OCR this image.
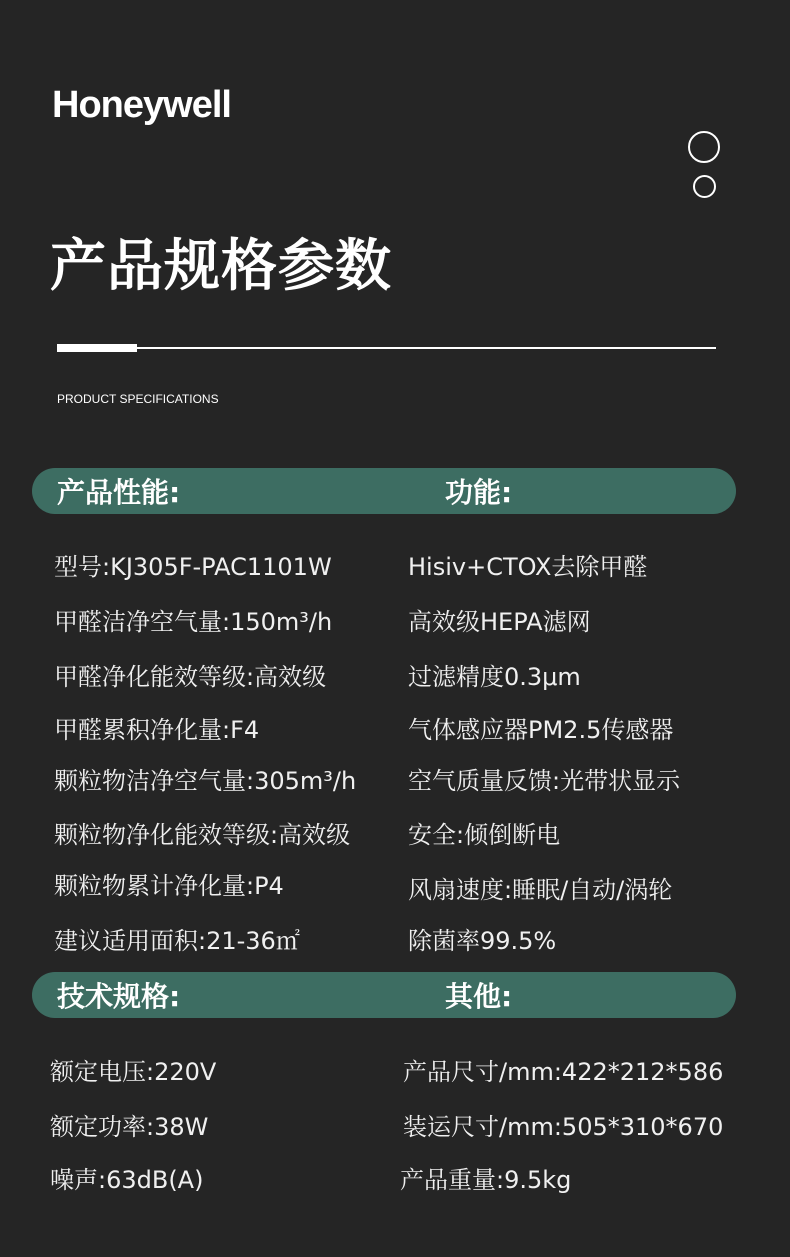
Honeywell
产品规格参数
PRODUCT SPECIFICATIONS
产品性能:	功能:
型号:KJ305F-PAC1101W
甲醛洁净空气量:150m³/h
甲醛净化能效等级:高效级
甲醛累积净化量:F4
颗粒物洁净空气量:305m³/h
颗粒物净化能效等级:高效级
颗粒物累计净化量:P4
建议适用面积:21-36㎡
Hisiv+CTOX去除甲醛
高效级HEPA滤网
过滤精度0.3μm
气体感应器PM2.5传感器
空气质量反馈:光带状显示
安全:倾倒断电
风扇速度:睡眠/自动/涡轮
除菌率99.5%
技术规格:	其他:
额定电压:220V
额定功率:38W
噪声:63dB(A)
产品尺寸/mm:422*212*586
装运尺寸/mm:505*310*670
产品重量:9.5kg
